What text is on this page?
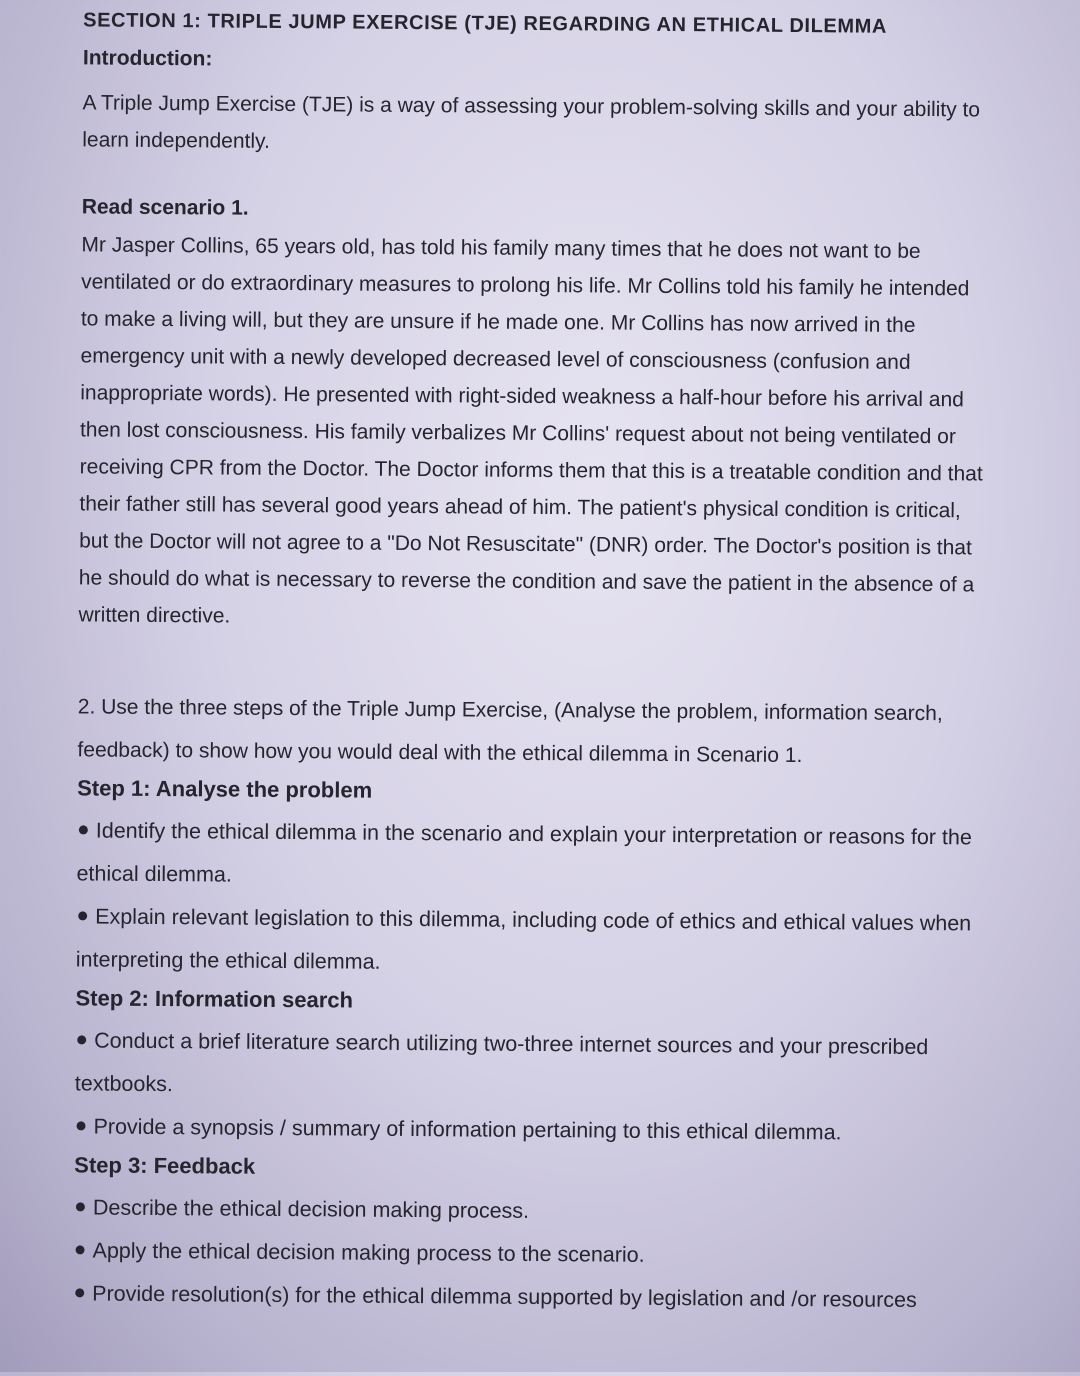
SECTION 1: TRIPLE JUMP EXERCISE (TJE) REGARDING AN ETHICAL DILEMMA
Introduction:

A Triple Jump Exercise (TJE) is a way of assessing your problem-solving skills and your ability to learn independently.

Read scenario 1.

Mr Jasper Collins, 65 years old, has told his family many times that he does not want to be ventilated or do extraordinary measures to prolong his life. Mr Collins told his family he intended to make a living will, but they are unsure if he made one. Mr Collins has now arrived in the emergency unit with a newly developed decreased level of consciousness (confusion and inappropriate words). He presented with right-sided weakness a half-hour before his arrival and then lost consciousness. His family verbalizes Mr Collins' request about not being ventilated or receiving CPR from the Doctor. The Doctor informs them that this is a treatable condition and that their father still has several good years ahead of him. The patient's physical condition is critical, but the Doctor will not agree to a "Do Not Resuscitate" (DNR) order. The Doctor's position is that he should do what is necessary to reverse the condition and save the patient in the absence of a written directive.

2. Use the three steps of the Triple Jump Exercise, (Analyse the problem, information search, feedback) to show how you would deal with the ethical dilemma in Scenario 1.

Step 1: Analyse the problem

Identify the ethical dilemma in the scenario and explain your interpretation or reasons for the ethical dilemma.

Explain relevant legislation to this dilemma, including code of ethics and ethical values when interpreting the ethical dilemma.

Step 2: Information search

Conduct a brief literature search utilizing two-three internet sources and your prescribed textbooks.

Provide a synopsis / summary of information pertaining to this ethical dilemma.

Step 3: Feedback

Describe the ethical decision making process.

Apply the ethical decision making process to the scenario.

Provide resolution(s) for the ethical dilemma supported by legislation and /or resources
